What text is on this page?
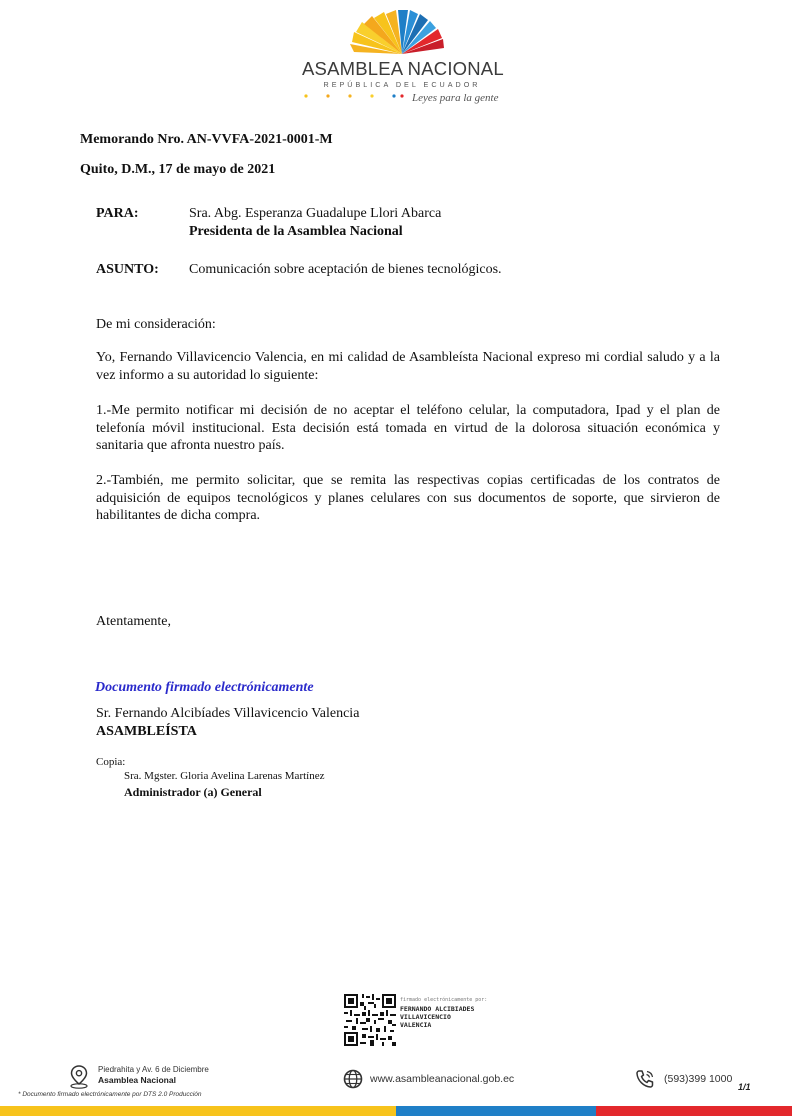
ASAMBLEA NACIONAL
REPÚBLICA DEL ECUADOR
Leyes para la gente
Memorando Nro. AN-VVFA-2021-0001-M
Quito, D.M., 17 de mayo de 2021
PARA:	Sra. Abg. Esperanza Guadalupe Llori Abarca
Presidenta de la Asamblea Nacional
ASUNTO: Comunicación sobre aceptación de bienes tecnológicos.
De mi consideración:
Yo, Fernando Villavicencio Valencia, en mi calidad de Asambleísta Nacional expreso mi cordial saludo y a la vez informo a su autoridad lo siguiente:
1.-Me permito notificar mi decisión de no aceptar el teléfono celular, la computadora, Ipad y el plan de telefonía móvil institucional. Esta decisión está tomada en virtud de la dolorosa situación económica y sanitaria que afronta nuestro país.
2.-También, me permito solicitar, que se remita las respectivas copias certificadas de los contratos de adquisición de equipos tecnológicos y planes celulares con sus documentos de soporte, que sirvieron de habilitantes de dicha compra.
Atentamente,
Documento firmado electrónicamente
Sr. Fernando Alcibíades Villavicencio Valencia
ASAMBLEÍSTA
Copia:
Sra. Mgster. Gloria Avelina Larenas Martínez
Administrador (a) General
firmado electrónicamente por:
FERNANDO ALCIBIADES
VILLAVICENCIO
VALENCIA
Piedrahita y Av. 6 de Diciembre
Asamblea Nacional
* Documento firmado electrónicamente por DTS 2.0 Producción
www.asambleanacional.gob.ec	(593)399 1000
1/1
